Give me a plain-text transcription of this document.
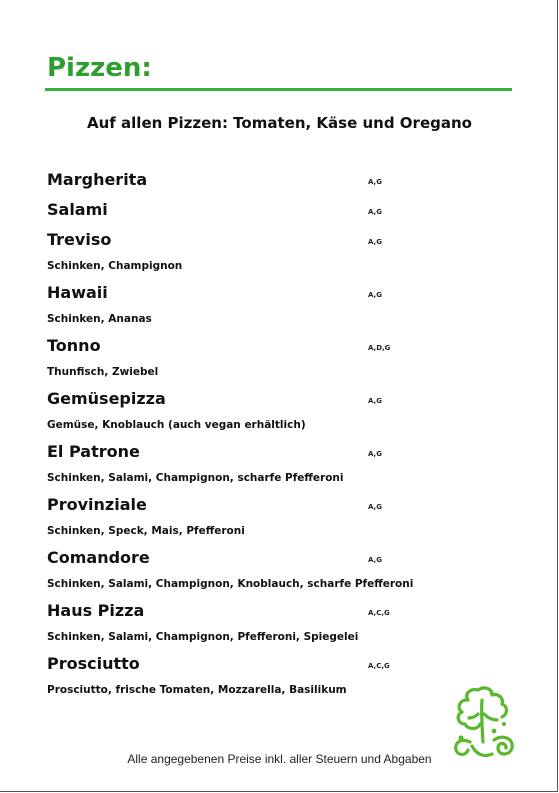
Pizzen:
Auf allen Pizzen: Tomaten, Käse und Oregano
Margherita	A,G
Salami	A,G
Treviso	A,G
Schinken, Champignon
Hawaii	A,G
Schinken, Ananas
Tonno	A,D,G
Thunfisch, Zwiebel
Gemüsepizza	A,G
Gemüse, Knoblauch (auch vegan erhältlich)
El Patrone	A,G
Schinken, Salami, Champignon, scharfe Pfefferoni
Provinziale	A,G
Schinken, Speck, Mais, Pfefferoni
Comandore	A,G
Schinken, Salami, Champignon, Knoblauch, scharfe Pfefferoni
Haus Pizza	A,C,G
Schinken, Salami, Champignon, Pfefferoni, Spiegelei
Prosciutto	A,C,G
Prosciutto, frische Tomaten, Mozzarella, Basilikum
Alle angegebenen Preise inkl. aller Steuern und Abgaben
